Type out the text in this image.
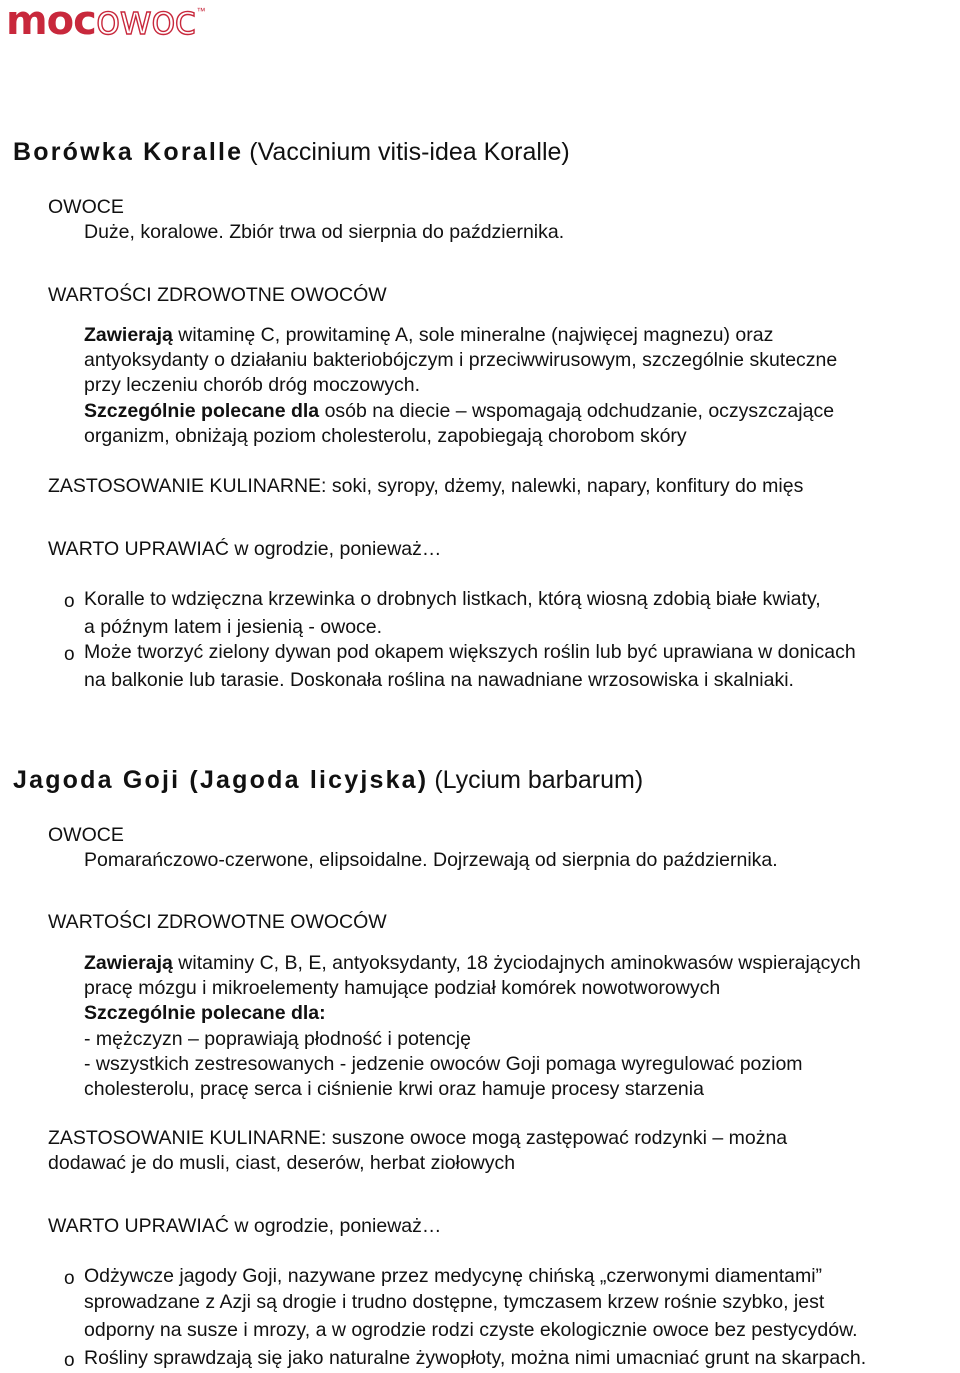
moc owoc ™
Borówka Koralle (Vaccinium vitis-idea Koralle)
OWOCE
Duże, koralowe. Zbiór trwa od sierpnia do października.
WARTOŚCI ZDROWOTNE OWOCÓW
Zawierają witaminę C, prowitaminę A, sole mineralne (najwięcej magnezu) oraz
antyoksydanty o działaniu bakteriobójczym i przeciwwirusowym, szczególnie skuteczne
przy leczeniu chorób dróg moczowych.
Szczególnie polecane dla osób na diecie – wspomagają odchudzanie, oczyszczające
organizm, obniżają poziom cholesterolu, zapobiegają chorobom skóry
ZASTOSOWANIE KULINARNE: soki, syropy, dżemy, nalewki, napary, konfitury do mięs
WARTO UPRAWIAĆ w ogrodzie, ponieważ…
o Koralle to wdzięczna krzewinka o drobnych listkach, którą wiosną zdobią białe kwiaty,
a późnym latem i jesienią - owoce.
o Może tworzyć zielony dywan pod okapem większych roślin lub być uprawiana w donicach
na balkonie lub tarasie. Doskonała roślina na nawadniane wrzosowiska i skalniaki.
Jagoda Goji (Jagoda licyjska) (Lycium barbarum)
OWOCE
Pomarańczowo-czerwone, elipsoidalne. Dojrzewają od sierpnia do października.
WARTOŚCI ZDROWOTNE OWOCÓW
Zawierają witaminy C, B, E, antyoksydanty, 18 życiodajnych aminokwasów wspierających
pracę mózgu i mikroelementy hamujące podział komórek nowotworowych
Szczególnie polecane dla:
- mężczyzn – poprawiają płodność i potencję
- wszystkich zestresowanych - jedzenie owoców Goji pomaga wyregulować poziom
cholesterolu, pracę serca i ciśnienie krwi oraz hamuje procesy starzenia
ZASTOSOWANIE KULINARNE: suszone owoce mogą zastępować rodzynki – można
dodawać je do musli, ciast, deserów, herbat ziołowych
WARTO UPRAWIAĆ w ogrodzie, ponieważ…
o Odżywcze jagody Goji, nazywane przez medycynę chińską „czerwonymi diamentami”
sprowadzane z Azji są drogie i trudno dostępne, tymczasem krzew rośnie szybko, jest
odporny na susze i mrozy, a w ogrodzie rodzi czyste ekologicznie owoce bez pestycydów.
o Rośliny sprawdzają się jako naturalne żywopłoty, można nimi umacniać grunt na skarpach.
